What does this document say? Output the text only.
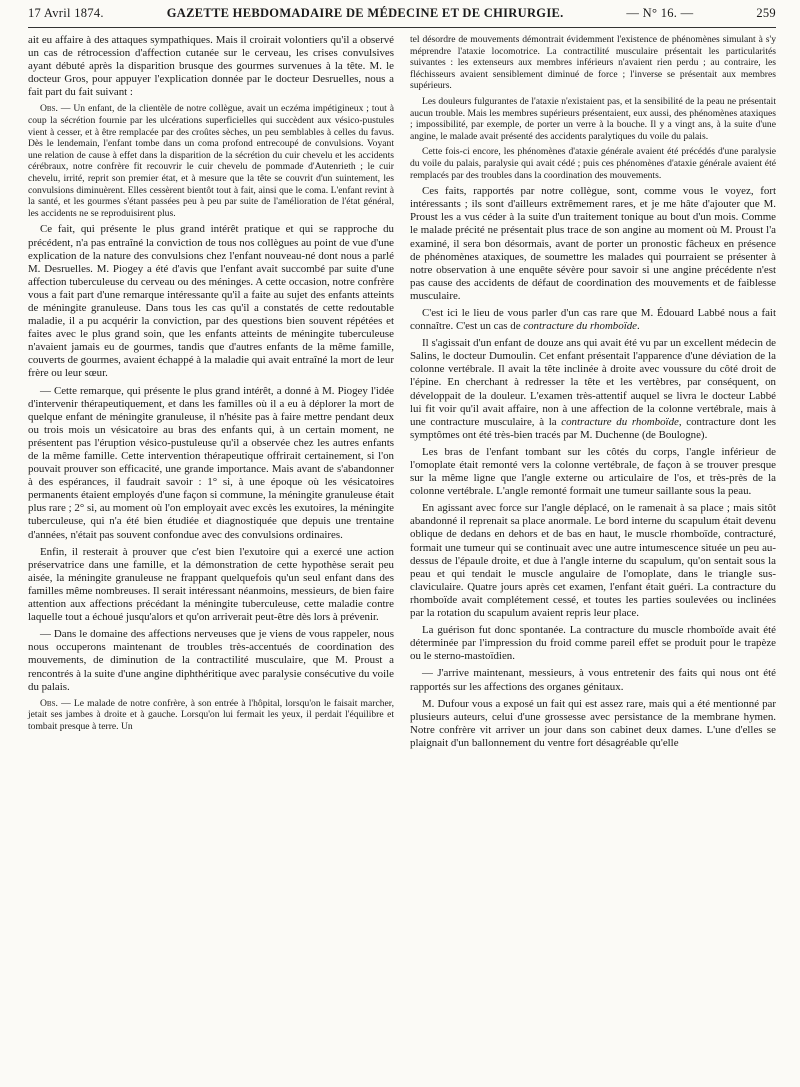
17 Avril 1874.	GAZETTE HEBDOMADAIRE DE MÉDECINE ET DE CHIRURGIE.	— N° 16. —	259

ait eu affaire à des attaques sympathiques. Mais il croirait volontiers qu'il a observé un cas de rétrocession d'affection cutanée sur le cerveau, les crises convulsives ayant débuté après la disparition brusque des gourmes survenues à la tête. M. le docteur Gros, pour appuyer l'explication donnée par le docteur Desruelles, nous a fait part du fait suivant :

Obs. — Un enfant, de la clientèle de notre collègue, avait un eczéma impétigineux ; tout à coup la sécrétion fournie par les ulcérations superficielles qui succèdent aux vésico-pustules vient à cesser, et à être remplacée par des croûtes sèches, un peu semblables à celles du favus. Dès le lendemain, l'enfant tombe dans un coma profond entrecoupé de convulsions. Voyant une relation de cause à effet dans la disparition de la sécrétion du cuir chevelu et les accidents cérébraux, notre confrère fit recouvrir le cuir chevelu de pommade d'Autenrieth ; le cuir chevelu, irrité, reprit son premier état, et à mesure que la tête se couvrit d'un suintement, les convulsions diminuèrent. Elles cessèrent bientôt tout à fait, ainsi que le coma. L'enfant revint à la santé, et les gourmes s'étant passées peu à peu par suite de l'amélioration de l'état général, les accidents ne se reproduisirent plus.

Ce fait, qui présente le plus grand intérêt pratique et qui se rapproche du précédent, n'a pas entraîné la conviction de tous nos collègues au point de vue d'une explication de la nature des convulsions chez l'enfant nouveau-né dont nous a parlé M. Desruelles. M. Piogey a été d'avis que l'enfant avait succombé par suite d'une affection tuberculeuse du cerveau ou des méninges. A cette occasion, notre confrère vous a fait part d'une remarque intéressante qu'il a faite au sujet des enfants atteints de méningite granuleuse. Dans tous les cas qu'il a constatés de cette redoutable maladie, il a pu acquérir la conviction, par des questions bien souvent répétées et faites avec le plus grand soin, que les enfants atteints de méningite tuberculeuse n'avaient jamais eu de gourmes, tandis que d'autres enfants de la même famille, couverts de gourmes, avaient échappé à la maladie qui avait entraîné la mort de leur frère ou leur sœur.

— Cette remarque, qui présente le plus grand intérêt, a donné à M. Piogey l'idée d'intervenir thérapeutiquement, et dans les familles où il a eu à déplorer la mort de quelque enfant de méningite granuleuse, il n'hésite pas à faire mettre pendant deux ou trois mois un vésicatoire au bras des enfants qui, à un certain moment, ne présentent pas l'éruption vésico-pustuleuse qu'il a observée chez les autres enfants de la même famille. Cette intervention thérapeutique offrirait certainement, si l'on pouvait prouver son efficacité, une grande importance. Mais avant de s'abandonner à des espérances, il faudrait savoir : 1° si, à une époque où les vésicatoires permanents étaient employés d'une façon si commune, la méningite granuleuse était plus rare ; 2° si, au moment où l'on employait avec excès les exutoires, la méningite tuberculeuse, qui n'a été bien étudiée et diagnostiquée que depuis une trentaine d'années, n'était pas souvent confondue avec des convulsions ordinaires.

Enfin, il resterait à prouver que c'est bien l'exutoire qui a exercé une action préservatrice dans une famille, et la démonstration de cette hypothèse serait peu aisée, la méningite granuleuse ne frappant quelquefois qu'un seul enfant dans des familles même nombreuses. Il serait intéressant néanmoins, messieurs, de bien faire attention aux affections précédant la méningite tuberculeuse, cette maladie contre laquelle tout a échoué jusqu'alors et qu'on arriverait peut-être dès lors à prévenir.

— Dans le domaine des affections nerveuses que je viens de vous rappeler, nous nous occuperons maintenant de troubles très-accentués de coordination des mouvements, de diminution de la contractilité musculaire, que M. Proust a rencontrés à la suite d'une angine diphthéritique avec paralysie consécutive du voile du palais.

Obs. — Le malade de notre confrère, à son entrée à l'hôpital, lorsqu'on le faisait marcher, jetait ses jambes à droite et à gauche. Lorsqu'on lui fermait les yeux, il perdait l'équilibre et tombait presque à terre. Un

tel désordre de mouvements démontrait évidemment l'existence de phénomènes simulant à s'y méprendre l'ataxie locomotrice. La contractilité musculaire présentait les particularités suivantes : les extenseurs aux membres inférieurs n'avaient rien perdu ; au contraire, les fléchisseurs avaient sensiblement diminué de force ; l'inverse se présentait aux membres supérieurs.

Les douleurs fulgurantes de l'ataxie n'existaient pas, et la sensibilité de la peau ne présentait aucun trouble. Mais les membres supérieurs présentaient, eux aussi, des phénomènes ataxiques ; impossibilité, par exemple, de porter un verre à la bouche. Il y a vingt ans, à la suite d'une angine, le malade avait présenté des accidents paralytiques du voile du palais.

Cette fois-ci encore, les phénomènes d'ataxie générale avaient été précédés d'une paralysie du voile du palais, paralysie qui avait cédé ; puis ces phénomènes d'ataxie générale avaient été remplacés par des troubles dans la coordination des mouvements.

Ces faits, rapportés par notre collègue, sont, comme vous le voyez, fort intéressants ; ils sont d'ailleurs extrêmement rares, et je me hâte d'ajouter que M. Proust les a vus céder à la suite d'un traitement tonique au bout d'un mois. Comme le malade précité ne présentait plus trace de son angine au moment où M. Proust l'a examiné, il sera bon désormais, avant de porter un pronostic fâcheux en présence de phénomènes ataxiques, de soumettre les malades qui pourraient se présenter à notre observation à une enquête sévère pour savoir si une angine précédente n'est pas cause des accidents de défaut de coordination des mouvements et de faiblesse musculaire.

C'est ici le lieu de vous parler d'un cas rare que M. Édouard Labbé nous a fait connaître. C'est un cas de contracture du rhomboïde.

Il s'agissait d'un enfant de douze ans qui avait été vu par un excellent médecin de Salins, le docteur Dumoulin. Cet enfant présentait l'apparence d'une déviation de la colonne vertébrale. Il avait la tête inclinée à droite avec voussure du côté droit de l'épine. En cherchant à redresser la tête et les vertèbres, par conséquent, on développait de la douleur. L'examen très-attentif auquel se livra le docteur Labbé lui fit voir qu'il avait affaire, non à une affection de la colonne vertébrale, mais à une contracture musculaire, à la contracture du rhomboïde, contracture dont les symptômes ont été très-bien tracés par M. Duchenne (de Boulogne).

Les bras de l'enfant tombant sur les côtés du corps, l'angle inférieur de l'omoplate était remonté vers la colonne vertébrale, de façon à se trouver presque sur la même ligne que l'angle externe ou articulaire de l'os, et très-près de la colonne vertébrale. L'angle remonté formait une tumeur saillante sous la peau.

En agissant avec force sur l'angle déplacé, on le ramenait à sa place ; mais sitôt abandonné il reprenait sa place anormale. Le bord interne du scapulum était devenu oblique de dedans en dehors et de bas en haut, le muscle rhomboïde, contracturé, formait une tumeur qui se continuait avec une autre intumescence située un peu au-dessus de l'épaule droite, et due à l'angle interne du scapulum, qu'on sentait sous la peau et qui tendait le muscle angulaire de l'omoplate, dans le triangle sus-claviculaire. Quatre jours après cet examen, l'enfant était guéri. La contracture du rhomboïde avait complétement cessé, et toutes les parties soulevées ou inclinées par la rotation du scapulum avaient repris leur place.

La guérison fut donc spontanée. La contracture du muscle rhomboïde avait été déterminée par l'impression du froid comme pareil effet se produit pour le trapèze ou le sterno-mastoïdien.

— J'arrive maintenant, messieurs, à vous entretenir des faits qui nous ont été rapportés sur les affections des organes génitaux.

M. Dufour vous a exposé un fait qui est assez rare, mais qui a été mentionné par plusieurs auteurs, celui d'une grossesse avec persistance de la membrane hymen. Notre confrère vit arriver un jour dans son cabinet deux dames. L'une d'elles se plaignait d'un ballonnement du ventre fort désagréable qu'elle
